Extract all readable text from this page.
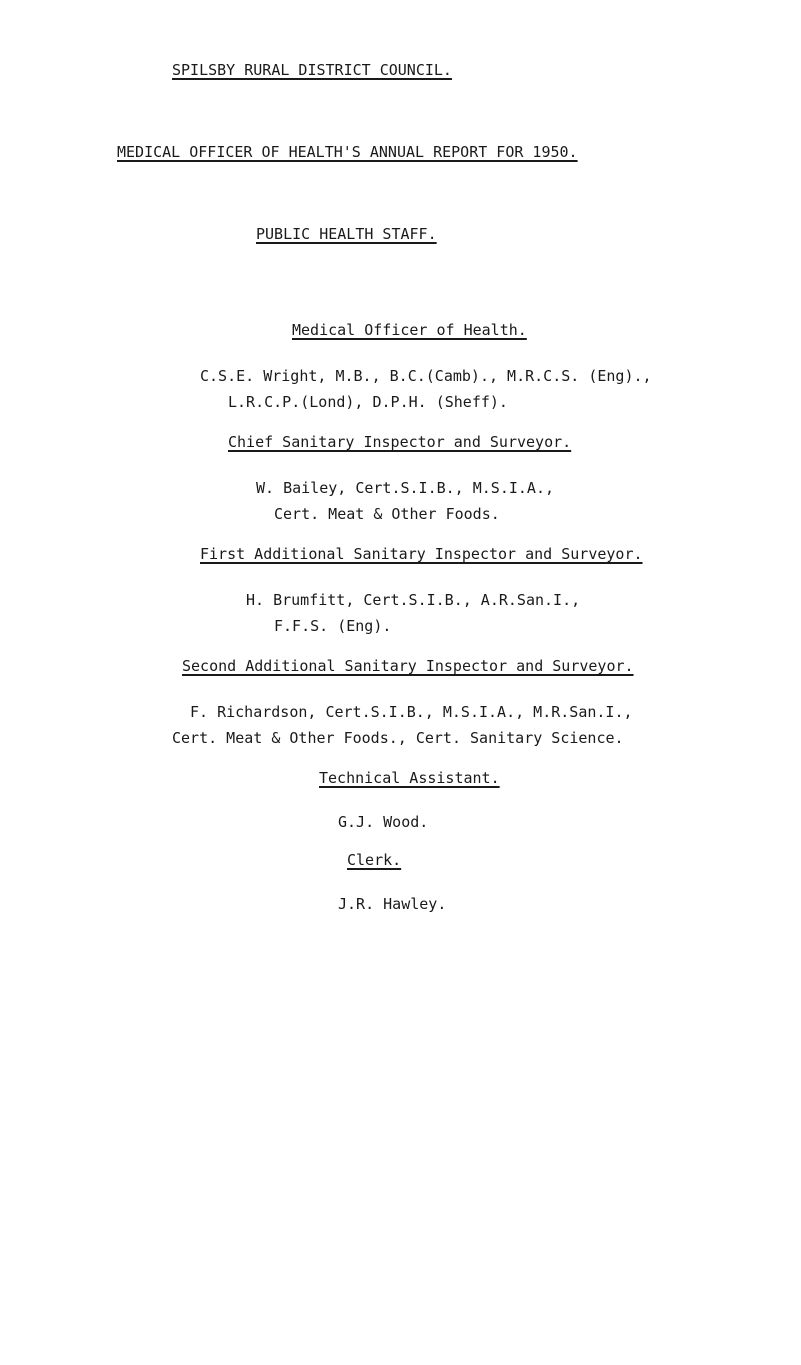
SPILSBY RURAL DISTRICT COUNCIL.
MEDICAL OFFICER OF HEALTH'S ANNUAL REPORT FOR 1950.
PUBLIC HEALTH STAFF.
Medical Officer of Health.
C.S.E. Wright, M.B., B.C.(Camb)., M.R.C.S. (Eng).,
L.R.C.P.(Lond), D.P.H. (Sheff).
Chief Sanitary Inspector and Surveyor.
W. Bailey, Cert.S.I.B., M.S.I.A.,
Cert. Meat & Other Foods.
First Additional Sanitary Inspector and Surveyor.
H. Brumfitt, Cert.S.I.B., A.R.San.I.,
F.F.S. (Eng).
Second Additional Sanitary Inspector and Surveyor.
F. Richardson, Cert.S.I.B., M.S.I.A., M.R.San.I.,
Cert. Meat & Other Foods., Cert. Sanitary Science.
Technical Assistant.
G.J. Wood.
Clerk.
J.R. Hawley.
